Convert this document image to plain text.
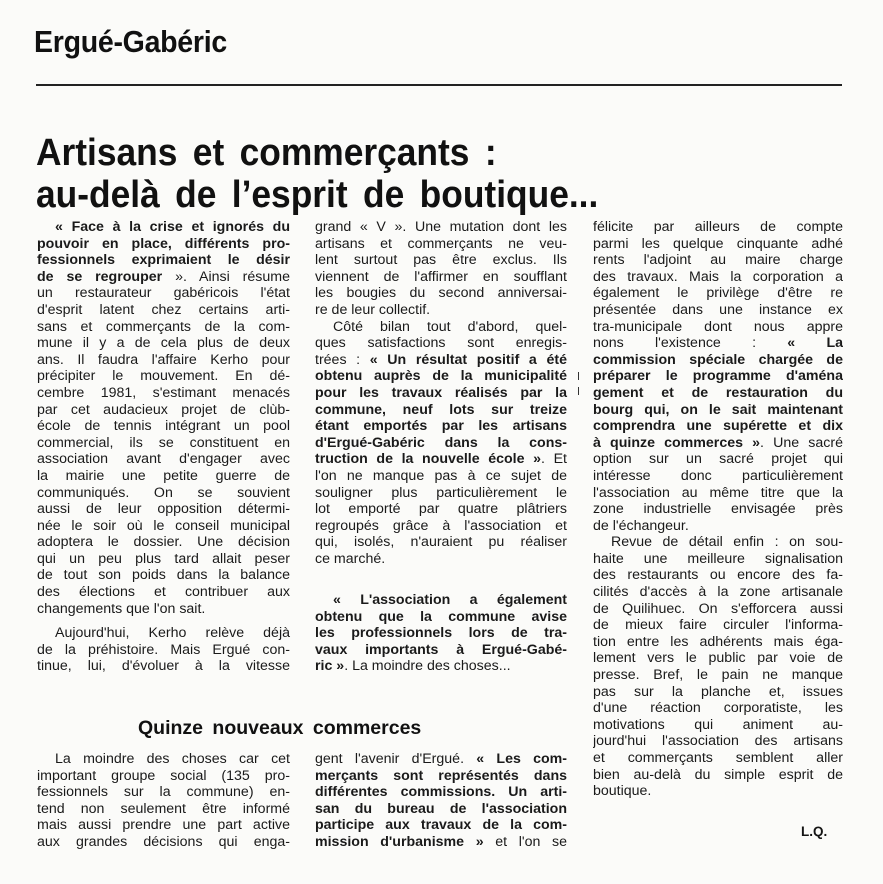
Ergué-Gabéric
Artisans et commerçants :
au-delà de l’esprit de boutique...
« Face à la crise et ignorés du
pouvoir en place, différents pro-
fessionnels exprimaient le désir
de se regrouper ». Ainsi résume
un restaurateur gabéricois l'état
d'esprit latent chez certains arti-
sans et commerçants de la com-
mune il y a de cela plus de deux
ans. Il faudra l'affaire Kerho pour
précipiter le mouvement. En dé-
cembre 1981, s'estimant menacés
par cet audacieux projet de clùb-
école de tennis intégrant un pool
commercial, ils se constituent en
association avant d'engager avec
la mairie une petite guerre de
communiqués. On se souvient
aussi de leur opposition détermi-
née le soir où le conseil municipal
adoptera le dossier. Une décision
qui un peu plus tard allait peser
de tout son poids dans la balance
des élections et contribuer aux
changements que l'on sait.
Aujourd'hui, Kerho relève déjà
de la préhistoire. Mais Ergué con-
tinue, lui, d'évoluer à la vitesse
grand « V ». Une mutation dont les
artisans et commerçants ne veu-
lent surtout pas être exclus. Ils
viennent de l'affirmer en soufflant
les bougies du second anniversai-
re de leur collectif.
Côté bilan tout d'abord, quel-
ques satisfactions sont enregis-
trées : « Un résultat positif a été
obtenu auprès de la municipalité
pour les travaux réalisés par la
commune, neuf lots sur treize
étant emportés par les artisans
d'Ergué-Gabéric dans la cons-
truction de la nouvelle école ». Et
l'on ne manque pas à ce sujet de
souligner plus particulièrement le
lot emporté par quatre plâtriers
regroupés grâce à l'association et
qui, isolés, n'auraient pu réaliser
ce marché.
« L'association a également
obtenu que la commune avise
les professionnels lors de tra-
vaux importants à Ergué-Gabé-
ric ». La moindre des choses...
félicite par ailleurs de compte
parmi les quelque cinquante adhé
rents l'adjoint au maire charge
des travaux. Mais la corporation a
également le privilège d'être re
présentée dans une instance ex
tra-municipale dont nous appre
nons l'existence : « La
commission spéciale chargée de
préparer le programme d'aména
gement et de restauration du
bourg qui, on le sait maintenant
comprendra une supérette et dix
à quinze commerces ». Une sacré
option sur un sacré projet qui
intéresse donc particulièrement
l'association au même titre que la
zone industrielle envisagée près
de l'échangeur.
Revue de détail enfin : on sou-
haite une meilleure signalisation
des restaurants ou encore des fa-
cilités d'accès à la zone artisanale
de Quilihuec. On s'efforcera aussi
de mieux faire circuler l'informa-
tion entre les adhérents mais éga-
lement vers le public par voie de
presse. Bref, le pain ne manque
pas sur la planche et, issues
d'une réaction corporatiste, les
motivations qui animent au-
jourd'hui l'association des artisans
et commerçants semblent aller
bien au-delà du simple esprit de
boutique.
Quinze nouveaux commerces
La moindre des choses car cet
important groupe social (135 pro-
fessionnels sur la commune) en-
tend non seulement être informé
mais aussi prendre une part active
aux grandes décisions qui enga-
gent l'avenir d'Ergué. « Les com-
merçants sont représentés dans
différentes commissions. Un arti-
san du bureau de l'association
participe aux travaux de la com-
mission d'urbanisme » et l'on se
L.Q.
